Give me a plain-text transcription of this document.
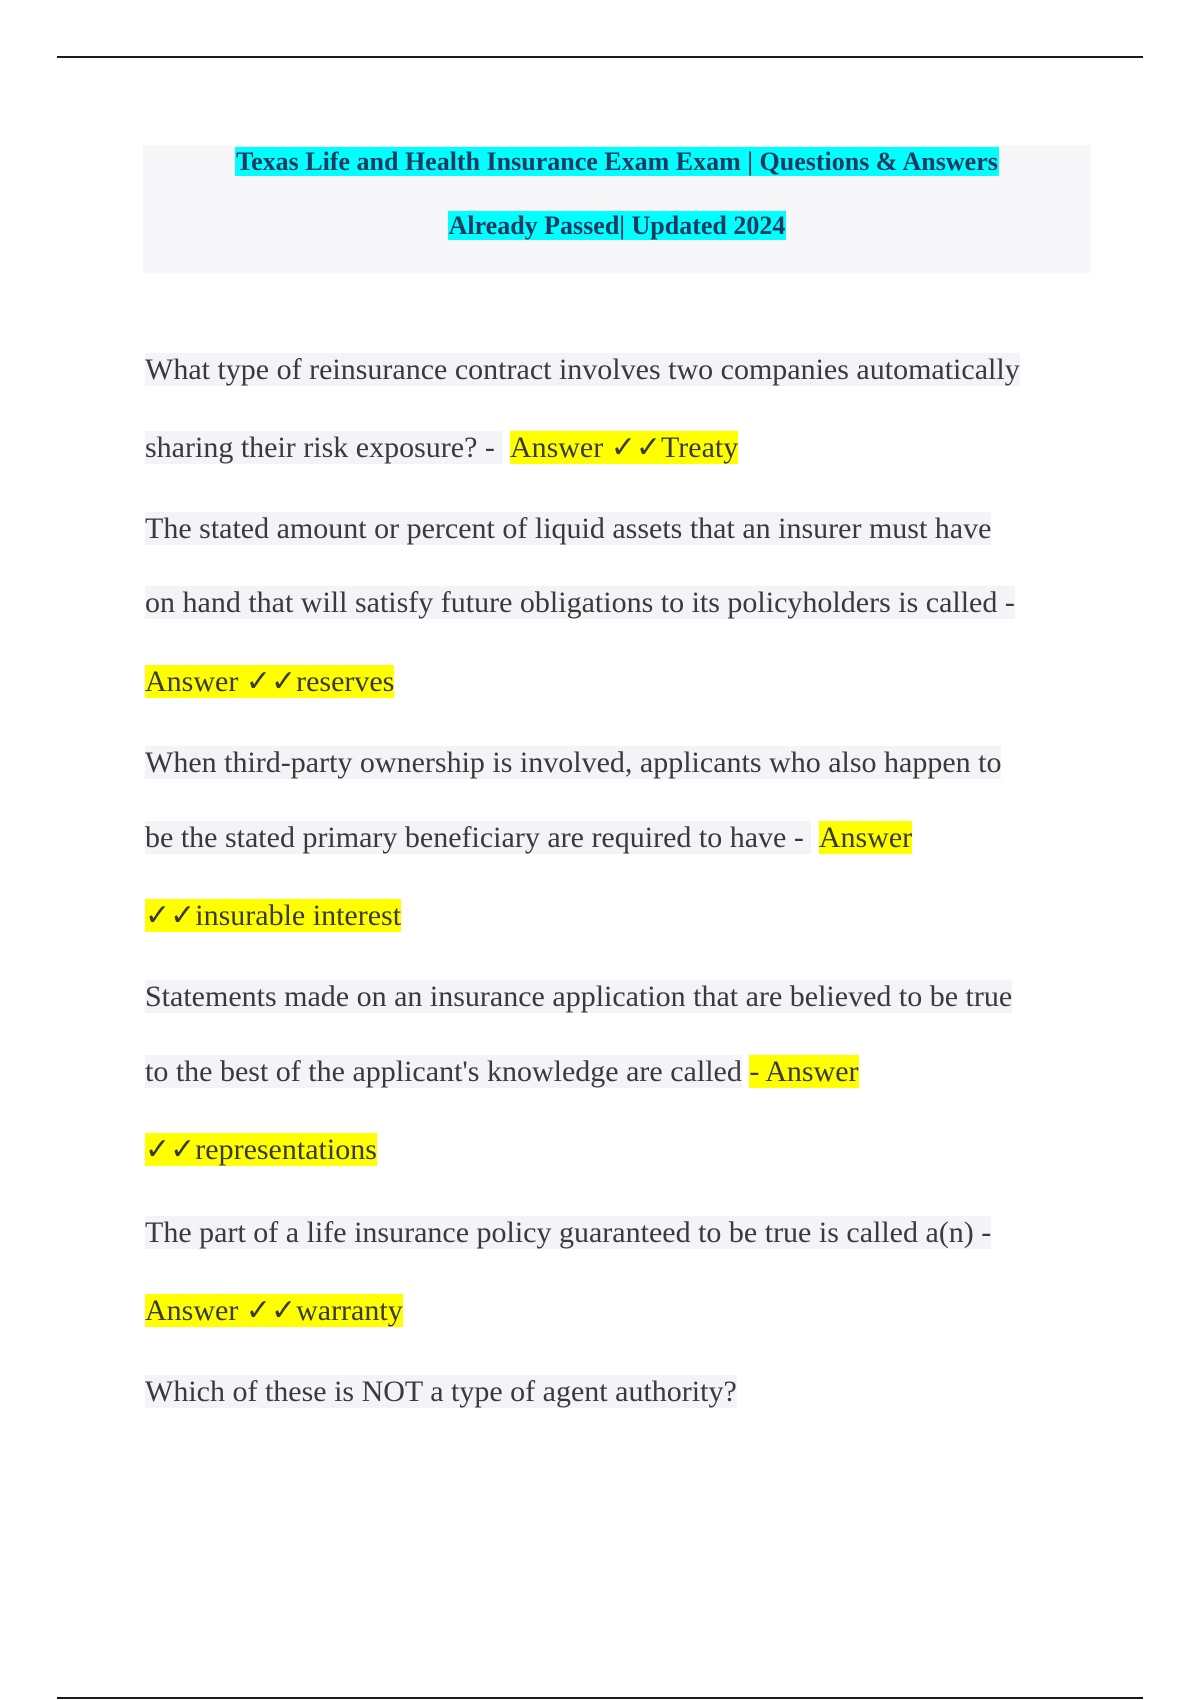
Texas Life and Health Insurance Exam Exam | Questions & Answers
Already Passed| Updated 2024
What type of reinsurance contract involves two companies automatically
sharing their risk exposure? -  Answer ✓✓Treaty
The stated amount or percent of liquid assets that an insurer must have
on hand that will satisfy future obligations to its policyholders is called -
Answer ✓✓reserves
When third-party ownership is involved, applicants who also happen to
be the stated primary beneficiary are required to have -  Answer
✓✓insurable interest
Statements made on an insurance application that are believed to be true
to the best of the applicant's knowledge are called - Answer
✓✓representations
The part of a life insurance policy guaranteed to be true is called a(n) -
Answer ✓✓warranty
Which of these is NOT a type of agent authority?
